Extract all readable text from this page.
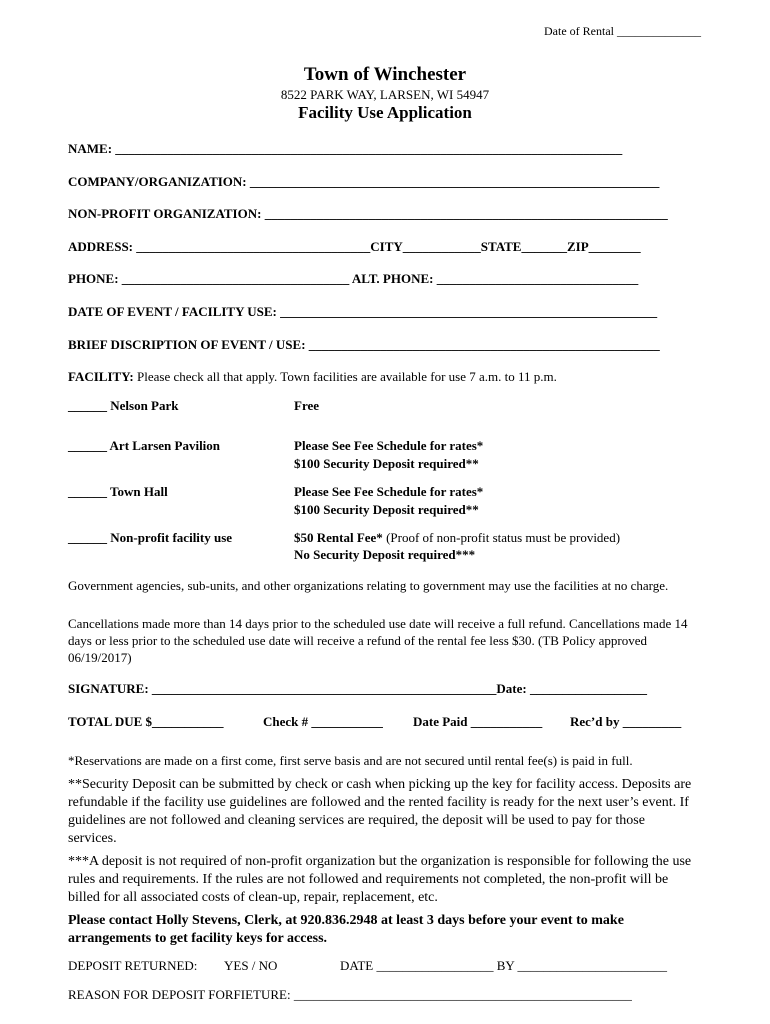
Date of Rental ______________
Town of Winchester
8522 PARK WAY, LARSEN, WI 54947
Facility Use Application
NAME: ______________________________________________________________________________
COMPANY/ORGANIZATION: _______________________________________________________________
NON-PROFIT ORGANIZATION: ______________________________________________________________
ADDRESS: ____________________________________CITY____________STATE_______ZIP________
PHONE: ___________________________________ ALT. PHONE: _______________________________
DATE OF EVENT / FACILITY USE: __________________________________________________________
BRIEF DISCRIPTION OF EVENT / USE: ______________________________________________________
FACILITY: Please check all that apply. Town facilities are available for use 7 a.m. to 11 p.m.
______ Nelson Park	Free
______ Art Larsen Pavilion	Please See Fee Schedule for rates*
$100 Security Deposit required**
______ Town Hall	Please See Fee Schedule for rates*
$100 Security Deposit required**
______ Non-profit facility use	$50 Rental Fee* (Proof of non-profit status must be provided)
No Security Deposit required***
Government agencies, sub-units, and other organizations relating to government may use the facilities at no charge.
Cancellations made more than 14 days prior to the scheduled use date will receive a full refund. Cancellations made 14 days or less prior to the scheduled use date will receive a refund of the rental fee less $30. (TB Policy approved 06/19/2017)
SIGNATURE: _____________________________________________________Date: __________________
TOTAL DUE $___________	Check # ___________ Date Paid ___________ Rec’d by _________
*Reservations are made on a first come, first serve basis and are not secured until rental fee(s) is paid in full.
**Security Deposit can be submitted by check or cash when picking up the key for facility access. Deposits are refundable if the facility use guidelines are followed and the rented facility is ready for the next user’s event. If guidelines are not followed and cleaning services are required, the deposit will be used to pay for those services.
***A deposit is not required of non-profit organization but the organization is responsible for following the use rules and requirements. If the rules are not followed and requirements not completed, the non-profit will be billed for all associated costs of clean-up, repair, replacement, etc.
Please contact Holly Stevens, Clerk, at 920.836.2948 at least 3 days before your event to make arrangements to get facility keys for access.
DEPOSIT RETURNED: YES / NO	DATE __________________ BY _______________________
REASON FOR DEPOSIT FORFIETURE: ____________________________________________________
